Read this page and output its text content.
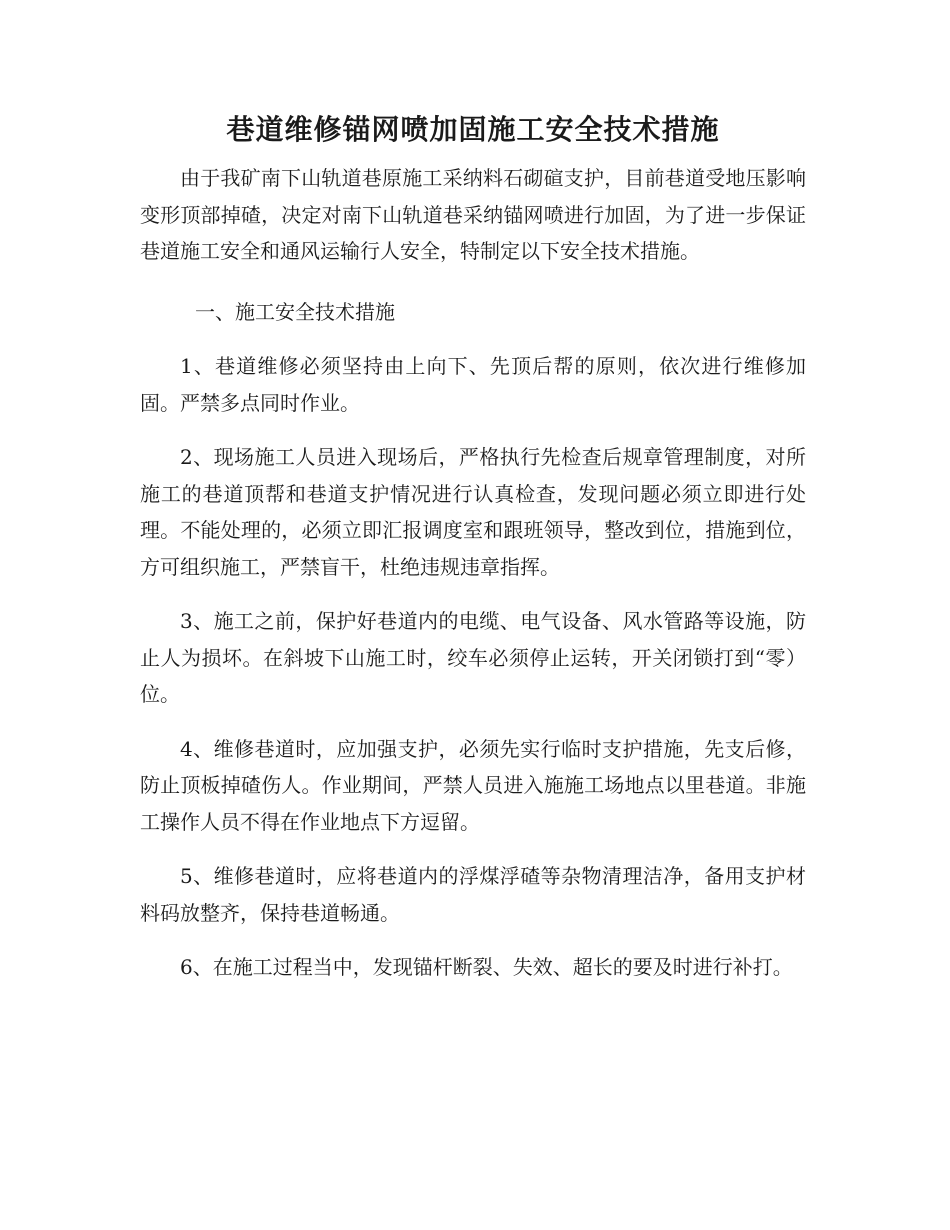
巷道维修锚网喷加固施工安全技术措施

由于我矿南下山轨道巷原施工采纳料石砌碹支护，目前巷道受地压影响变形顶部掉碴，决定对南下山轨道巷采纳锚网喷进行加固，为了进一步保证巷道施工安全和通风运输行人安全，特制定以下安全技术措施。

一、施工安全技术措施

1、巷道维修必须坚持由上向下、先顶后帮的原则，依次进行维修加固。严禁多点同时作业。

2、现场施工人员进入现场后，严格执行先检查后规章管理制度，对所施工的巷道顶帮和巷道支护情况进行认真检查，发现问题必须立即进行处理。不能处理的，必须立即汇报调度室和跟班领导，整改到位，措施到位，方可组织施工，严禁盲干，杜绝违规违章指挥。

3、施工之前，保护好巷道内的电缆、电气设备、风水管路等设施，防止人为损坏。在斜坡下山施工时，绞车必须停止运转，开关闭锁打到“零）位。

4、维修巷道时，应加强支护，必须先实行临时支护措施，先支后修，防止顶板掉碴伤人。作业期间，严禁人员进入施施工场地点以里巷道。非施工操作人员不得在作业地点下方逗留。

5、维修巷道时，应将巷道内的浮煤浮碴等杂物清理洁净，备用支护材料码放整齐，保持巷道畅通。

6、在施工过程当中，发现锚杆断裂、失效、超长的要及时进行补打。
